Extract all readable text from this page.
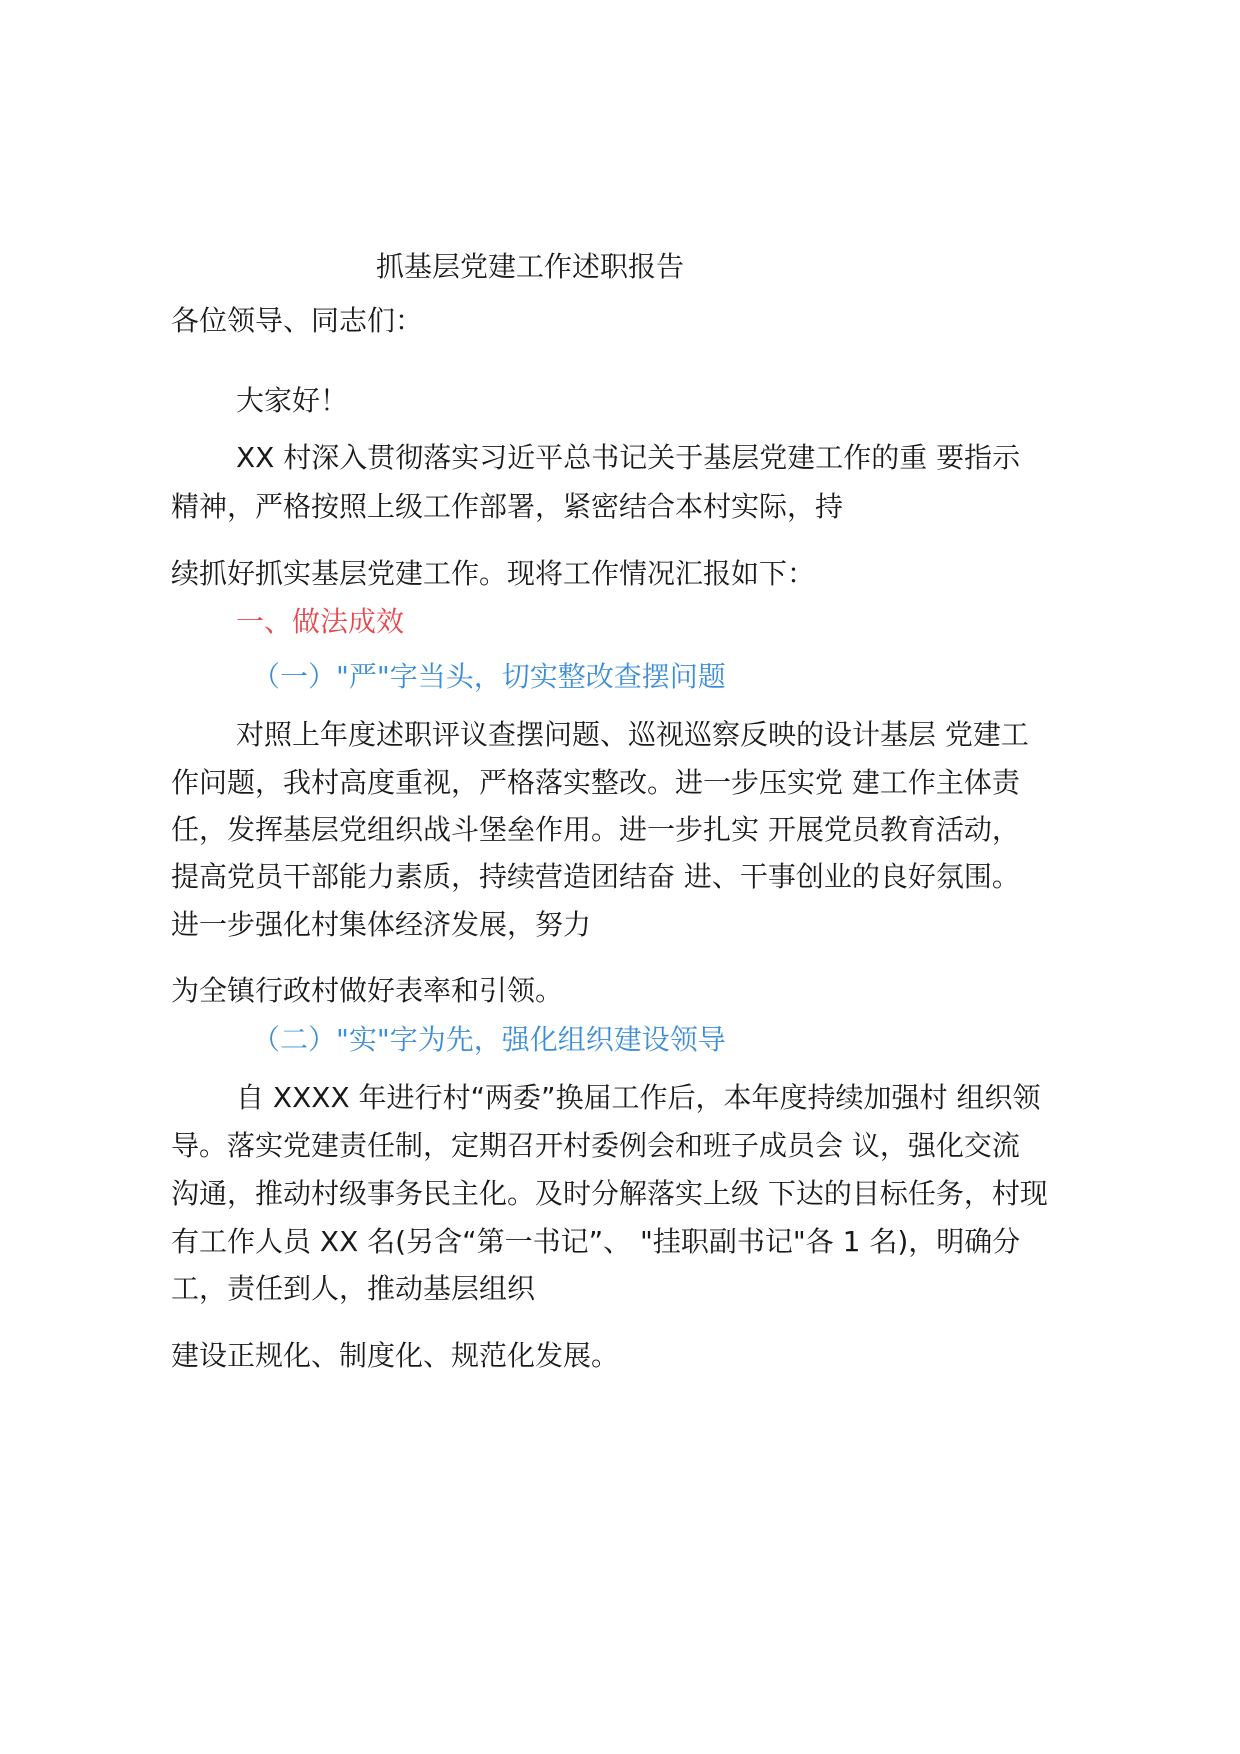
抓基层党建工作述职报告
各位领导、同志们：
大家好！
XX 村深入贯彻落实习近平总书记关于基层党建工作的重 要指示
精神，严格按照上级工作部署，紧密结合本村实际，持
续抓好抓实基层党建工作。现将工作情况汇报如下：
一、做法成效
（一）"严"字当头，切实整改查摆问题
对照上年度述职评议查摆问题、巡视巡察反映的设计基层 党建工
作问题，我村高度重视，严格落实整改。进一步压实党 建工作主体责
任，发挥基层党组织战斗堡垒作用。进一步扎实 开展党员教育活动，
提高党员干部能力素质，持续营造团结奋 进、干事创业的良好氛围。
进一步强化村集体经济发展，努力
为全镇行政村做好表率和引领。
（二）"实"字为先，强化组织建设领导
自 XXXX 年进行村“两委”换届工作后，本年度持续加强村 组织领
导。落实党建责任制，定期召开村委例会和班子成员会 议，强化交流
沟通，推动村级事务民主化。及时分解落实上级 下达的目标任务，村现
有工作人员 XX 名(另含“第一书记”、 "挂职副书记"各 1 名)，明确分
工，责任到人，推动基层组织
建设正规化、制度化、规范化发展。
